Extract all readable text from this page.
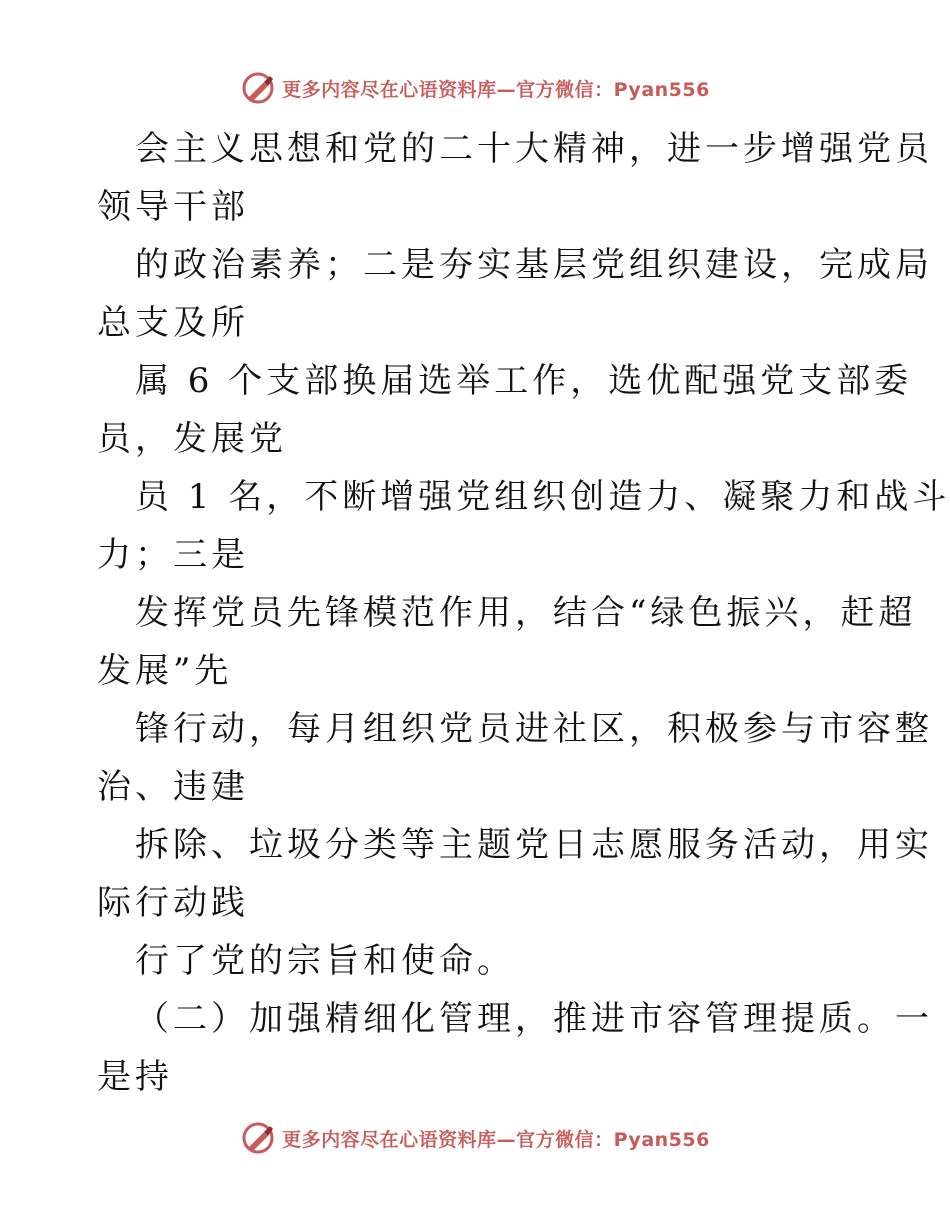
更多内容尽在心语资料库—官方微信：Pyan556
会主义思想和党的二十大精神，进一步增强党员
领导干部
的政治素养；二是夯实基层党组织建设，完成局
总支及所
属 6 个支部换届选举工作，选优配强党支部委
员，发展党
员 1 名，不断增强党组织创造力、凝聚力和战斗
力；三是
发挥党员先锋模范作用，结合“绿色振兴，赶超
发展”先
锋行动，每月组织党员进社区，积极参与市容整
治、违建
拆除、垃圾分类等主题党日志愿服务活动，用实
际行动践
行了党的宗旨和使命。
（二）加强精细化管理，推进市容管理提质。一
是持
更多内容尽在心语资料库—官方微信：Pyan556
